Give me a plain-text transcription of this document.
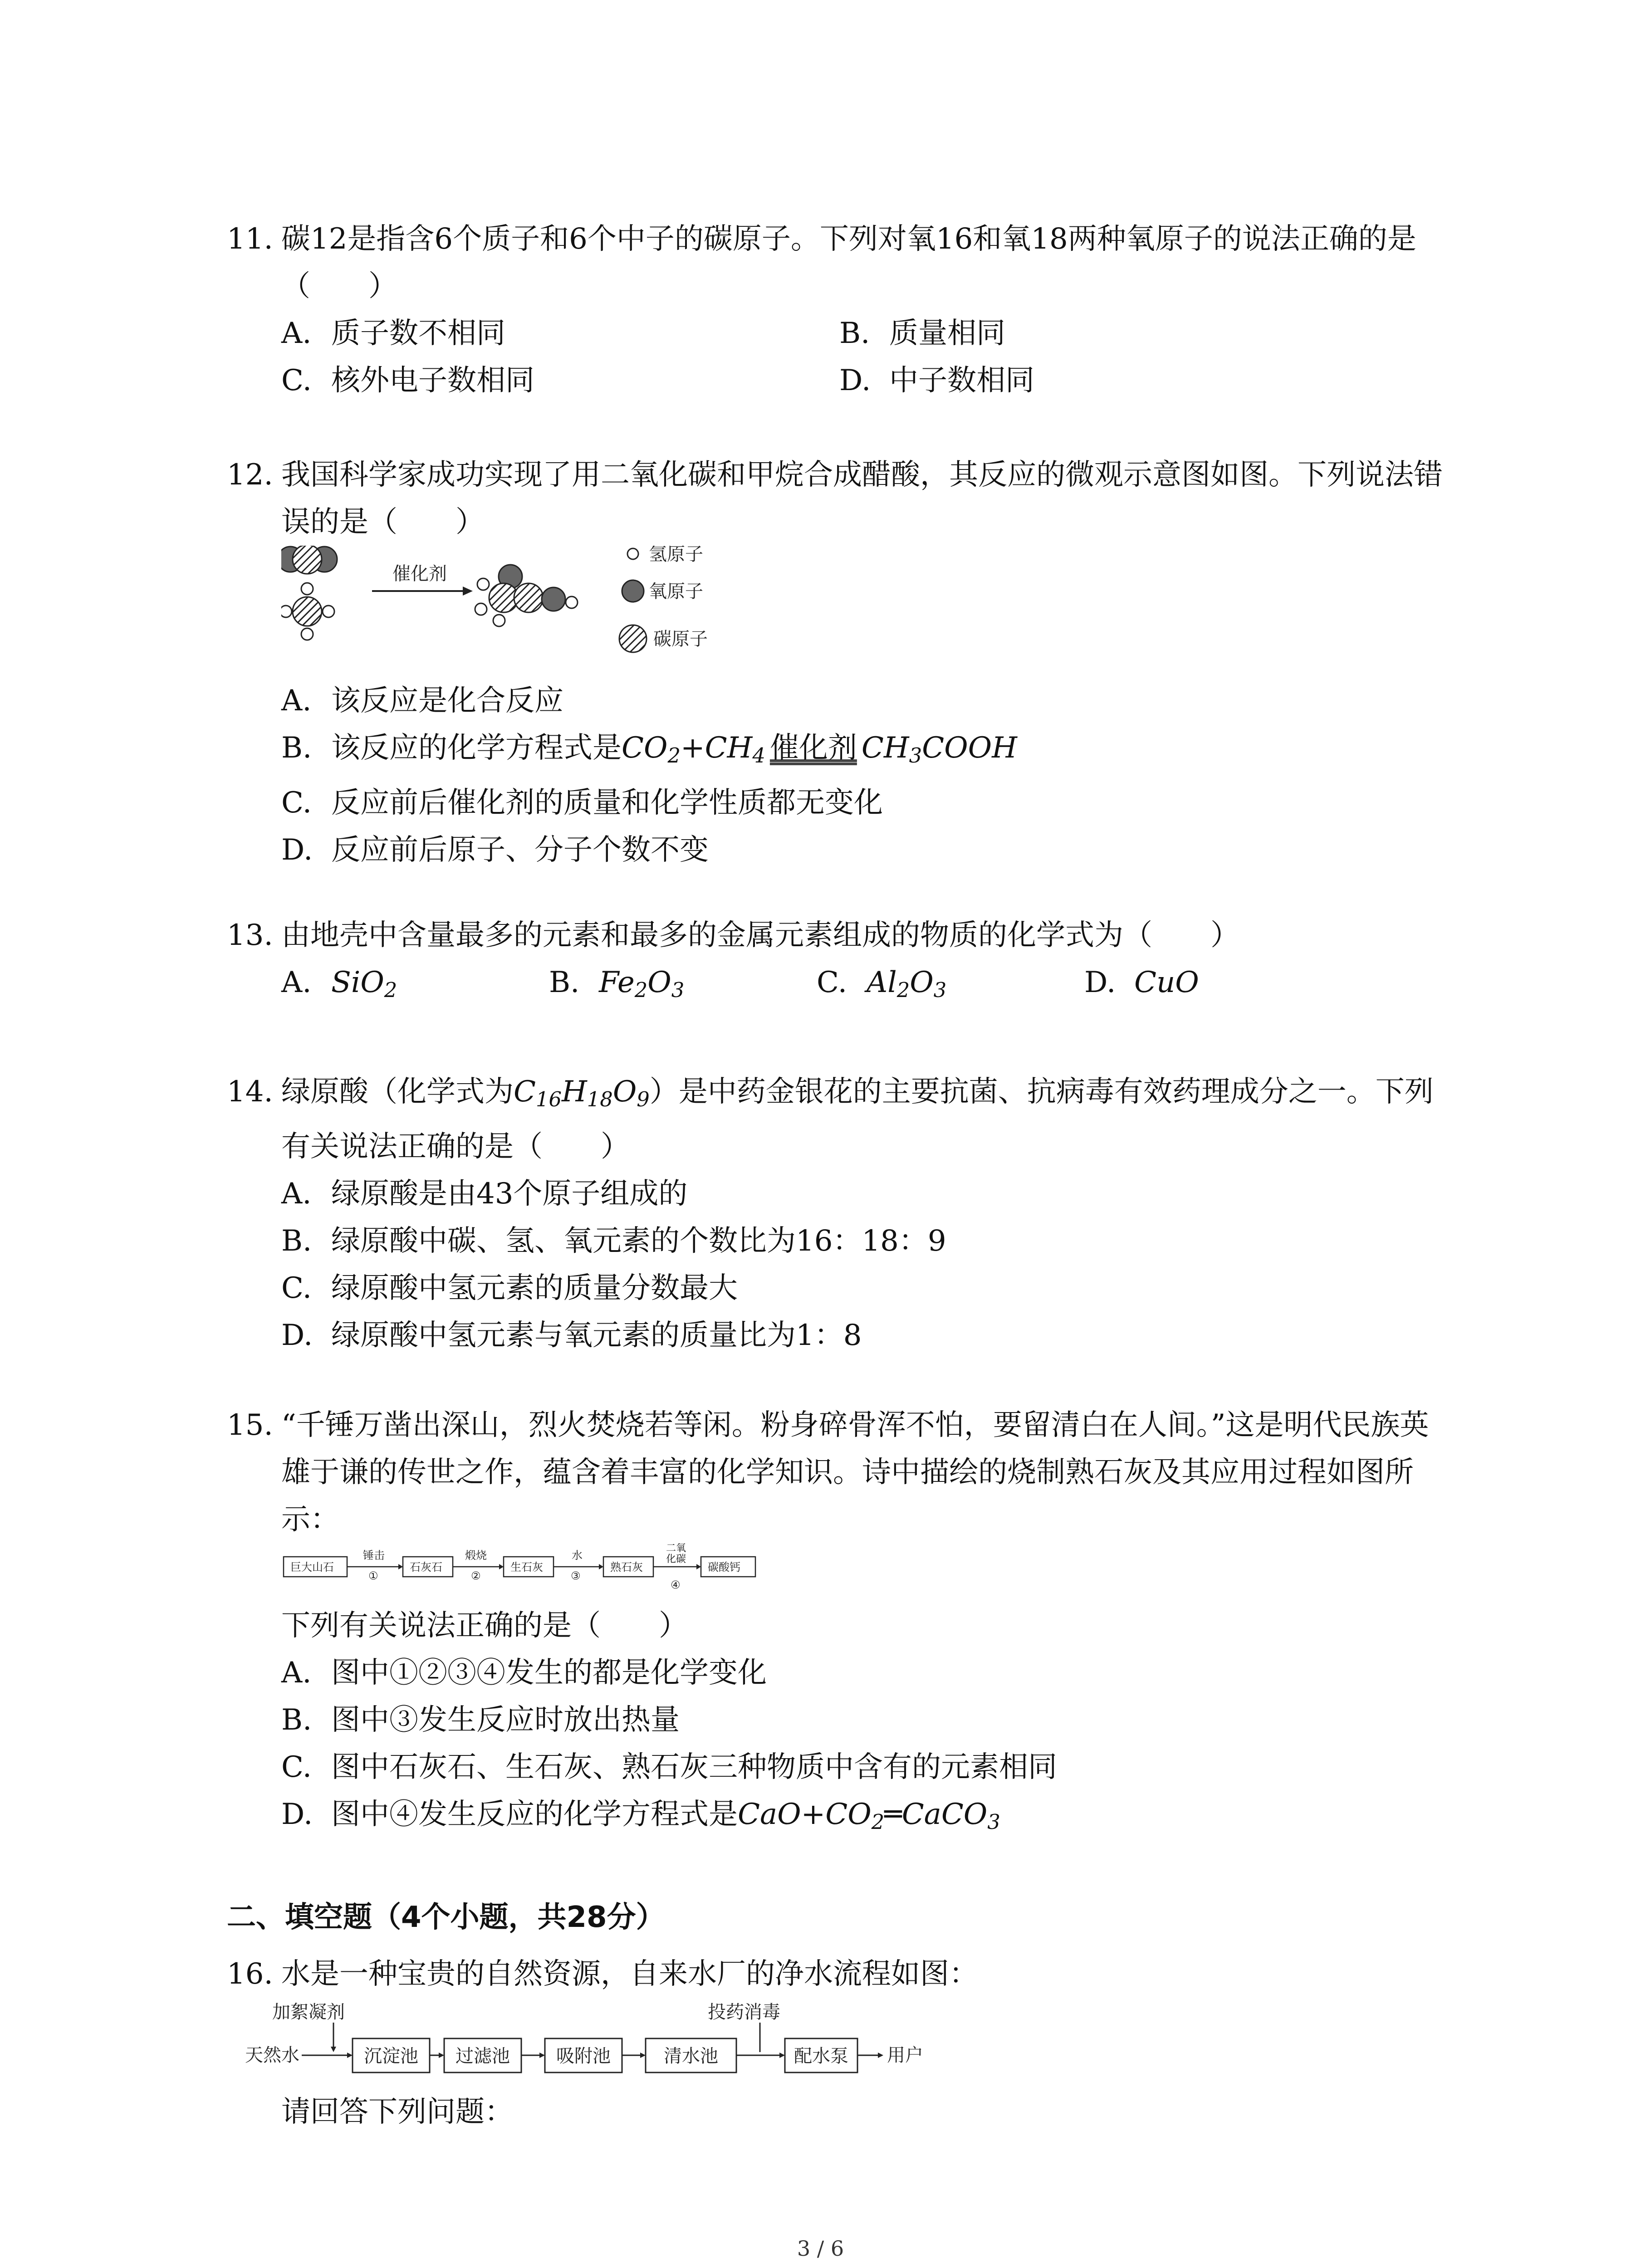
11. 碳12是指含6个质子和6个中子的碳原子。下列对氧16和氧18两种氧原子的说法正确的是（　　）
A. 质子数不相同	B. 质量相同
C. 核外电子数相同	D. 中子数相同
12. 我国科学家成功实现了用二氧化碳和甲烷合成醋酸，其反应的微观示意图如图。下列说法错误的是（　　）
催化剂
氢原子
氧原子
碳原子
A. 该反应是化合反应
B. 该反应的化学方程式是$CO_2+CH_4$ 催化剂 $CH_3COOH$
C. 反应前后催化剂的质量和化学性质都无变化
D. 反应前后原子、分子个数不变
13. 由地壳中含量最多的元素和最多的金属元素组成的物质的化学式为（　　）
A. SiO$_2$	B. $Fe_2O_3$	C. $Al_2O_3$	D. CuO
14. 绿原酸（化学式为$C_{16}H_{18}O_9$）是中药金银花的主要抗菌、抗病毒有效药理成分之一。下列有关说法正确的是（　　）
A. 绿原酸是由43个原子组成的
B. 绿原酸中碳、氢、氧元素的个数比为16：18：9
C. 绿原酸中氢元素的质量分数最大
D. 绿原酸中氢元素与氧元素的质量比为1：8
15. “千锤万凿出深山，烈火焚烧若等闲。粉身碎骨浑不怕，要留清白在人间。”这是明代民族英雄于谦的传世之作，蕴含着丰富的化学知识。诗中描绘的烧制熟石灰及其应用过程如图所示：
巨大山石
锤击
①
石灰石
煅烧
②
生石灰
水
③
熟石灰
二氧化碳
④
碳酸钙
下列有关说法正确的是（　　）
A. 图中①②③④发生的都是化学变化
B. 图中③发生反应时放出热量
C. 图中石灰石、生石灰、熟石灰三种物质中含有的元素相同
D. 图中④发生反应的化学方程式是$CaO+CO_2═CaCO_3$
二、填空题（4个小题，共28分）
16. 水是一种宝贵的自然资源，自来水厂的净水流程如图：
加絮凝剂
天然水	沉淀池 过滤池	吸附池	清水池
投药消毒
配水泵 用户
请回答下列问题：
3 / 6
